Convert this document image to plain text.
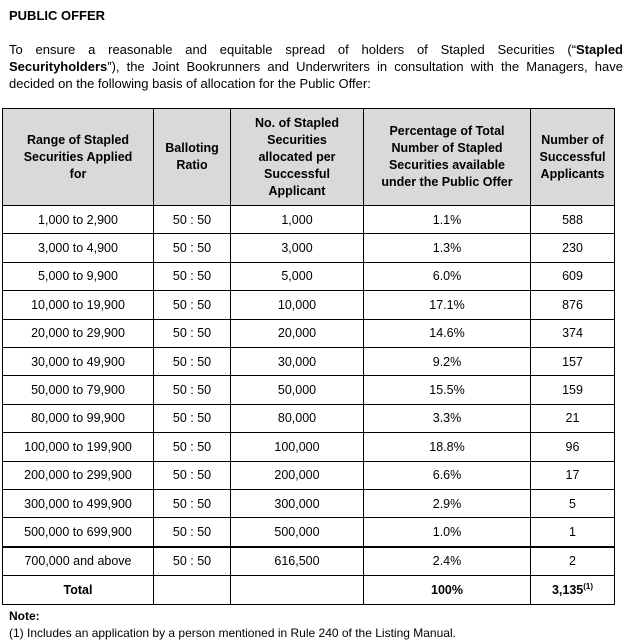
PUBLIC OFFER

To ensure a reasonable and equitable spread of holders of Stapled Securities (“Stapled Securityholders”), the Joint Bookrunners and Underwriters in consultation with the Managers, have decided on the following basis of allocation for the Public Offer:

Range of Stapled Securities Applied for	Balloting Ratio	No. of Stapled Securities allocated per Successful Applicant	Percentage of Total Number of Stapled Securities available under the Public Offer	Number of Successful Applicants
1,000 to 2,900	50 : 50	1,000	1.1%	588
3,000 to 4,900	50 : 50	3,000	1.3%	230
5,000 to 9,900	50 : 50	5,000	6.0%	609
10,000 to 19,900	50 : 50	10,000	17.1%	876
20,000 to 29,900	50 : 50	20,000	14.6%	374
30,000 to 49,900	50 : 50	30,000	9.2%	157
50,000 to 79,900	50 : 50	50,000	15.5%	159
80,000 to 99,900	50 : 50	80,000	3.3%	21
100,000 to 199,900	50 : 50	100,000	18.8%	96
200,000 to 299,900	50 : 50	200,000	6.6%	17
300,000 to 499,900	50 : 50	300,000	2.9%	5
500,000 to 699,900	50 : 50	500,000	1.0%	1
700,000 and above	50 : 50	616,500	2.4%	2
Total			100%	3,135$^{(1)}$
Note:
(1) Includes an application by a person mentioned in Rule 240 of the Listing Manual.
